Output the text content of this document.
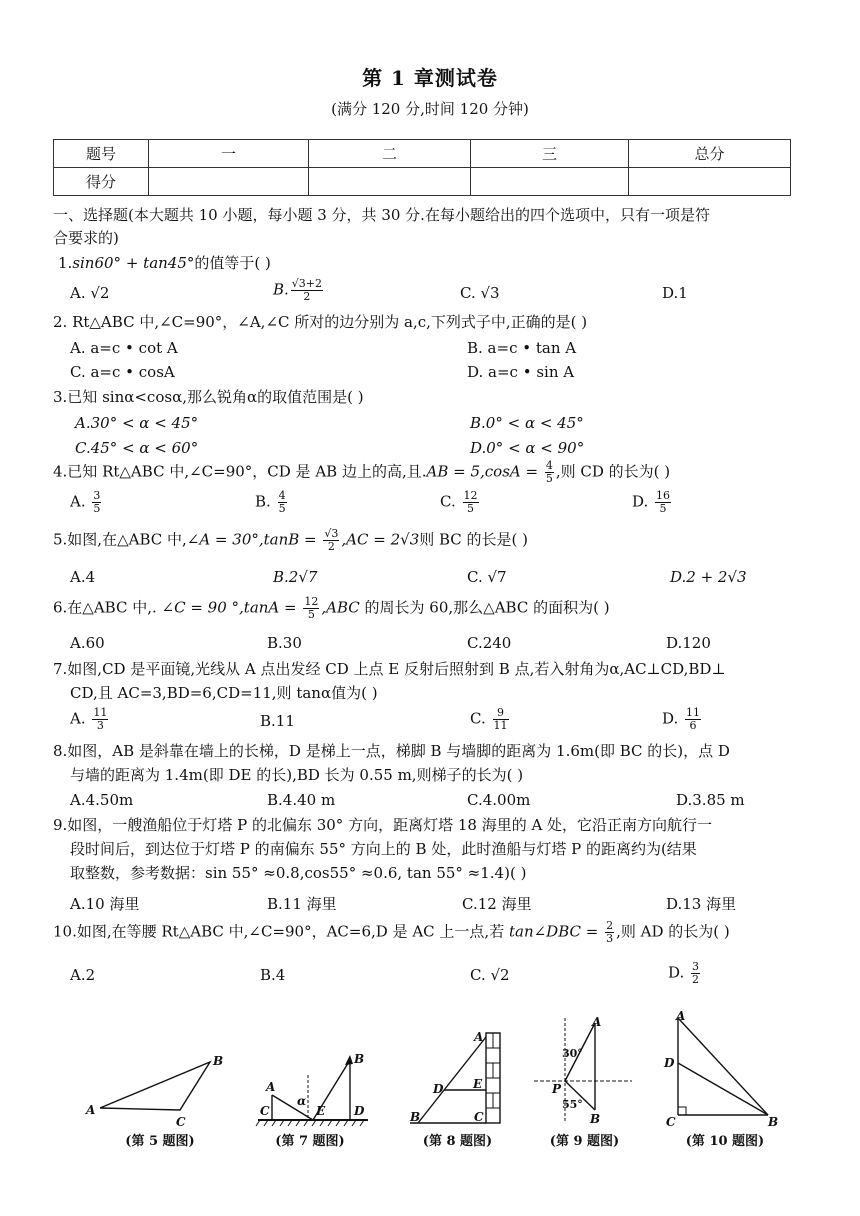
第 1 章测试卷
(满分 120 分,时间 120 分钟)
题号	一	二	三	总分
得分				
一、选择题(本大题共 10 小题，每小题 3 分，共 30 分.在每小题给出的四个选项中，只有一项是符
合要求的)
1.sin60° + tan45°的值等于( )
A. √2	B. $\frac{√3+2}{2}$	C. √3	D.1
2. Rt△ABC 中,∠C=90°，∠A,∠C 所对的边分别为 a,c,下列式子中,正确的是( )
A. a=c • cot A	B. a=c • tan A
C. a=c • cosA	D. a=c • sin A
3.已知 sinα<cosα,那么锐角α的取值范围是( )
A.30° < α < 45°	B.0° < α < 45°
C.45° < α < 60°	D.0° < α < 90°
4.已知 Rt△ABC 中,∠C=90°，CD 是 AB 边上的高,且$.AB = 5,\cos A = \frac{4}{5}$ ,则 CD 的长为( )
A. $\frac{3}{5}$	B. $\frac{4}{5}$	C. $\frac{12}{5}$	D. $\frac{16}{5}$
5.如图,在△ABC 中,∠A = $30^\circ,\tan B = \frac{√3}{2} ,AC = 2√3$则 BC 的长是( )
A.4	B.2√7	C. √7	D.2 + 2√3
6.在△ABC 中,. ∠C = 90 $^\circ,\tan A = \frac{12}{5} ,ABC$ 的周长为 60,那么△ABC 的面积为( )
A.60	B.30	C.240	D.120
7.如图,CD 是平面镜,光线从 A 点出发经 CD 上点 E 反射后照射到 B 点,若入射角为α,AC⊥CD,BD⊥
CD,且 AC=3,BD=6,CD=11,则 tanα值为( )
A. $\frac{11}{3}$	B.11	C. $\frac{9}{11}$	D. $\frac{11}{6}$
8.如图，AB 是斜靠在墙上的长梯，D 是梯上一点，梯脚 B 与墙脚的距离为 1.6m(即 BC 的长)，点 D
与墙的距离为 1.4m(即 DE 的长),BD 长为 0.55 m,则梯子的长为( )
A.4.50m	B.4.40 m	C.4.00m	D.3.85 m
9.如图，一艘渔船位于灯塔 P 的北偏东 30° 方向，距离灯塔 18 海里的 A 处，它沿正南方向航行一
段时间后，到达位于灯塔 P 的南偏东 55° 方向上的 B 处，此时渔船与灯塔 P 的距离约为(结果
取整数，参考数据：sin 55° ≈0.8,cos55° ≈0.6, tan 55° ≈1.4)( )
A.10 海里	B.11 海里	C.12 海里	D.13 海里
10.如图,在等腰 Rt△ABC 中,∠C=90°，AC=6,D 是 AC 上一点,若 tan∠DBC = $\frac{2}{3}$ ,则 AD 的长为( )
A.2	B.4	C. √2	D. $\frac{3}{2}$
A
B
C
(第 5 题图)
A
C	E
B
D
α
(第 7 题图)
A
D E
B	C
(第 8 题图)
A
30°
P
55°
B
(第 9 题图)
A
D
C	B
(第 10 题图)
